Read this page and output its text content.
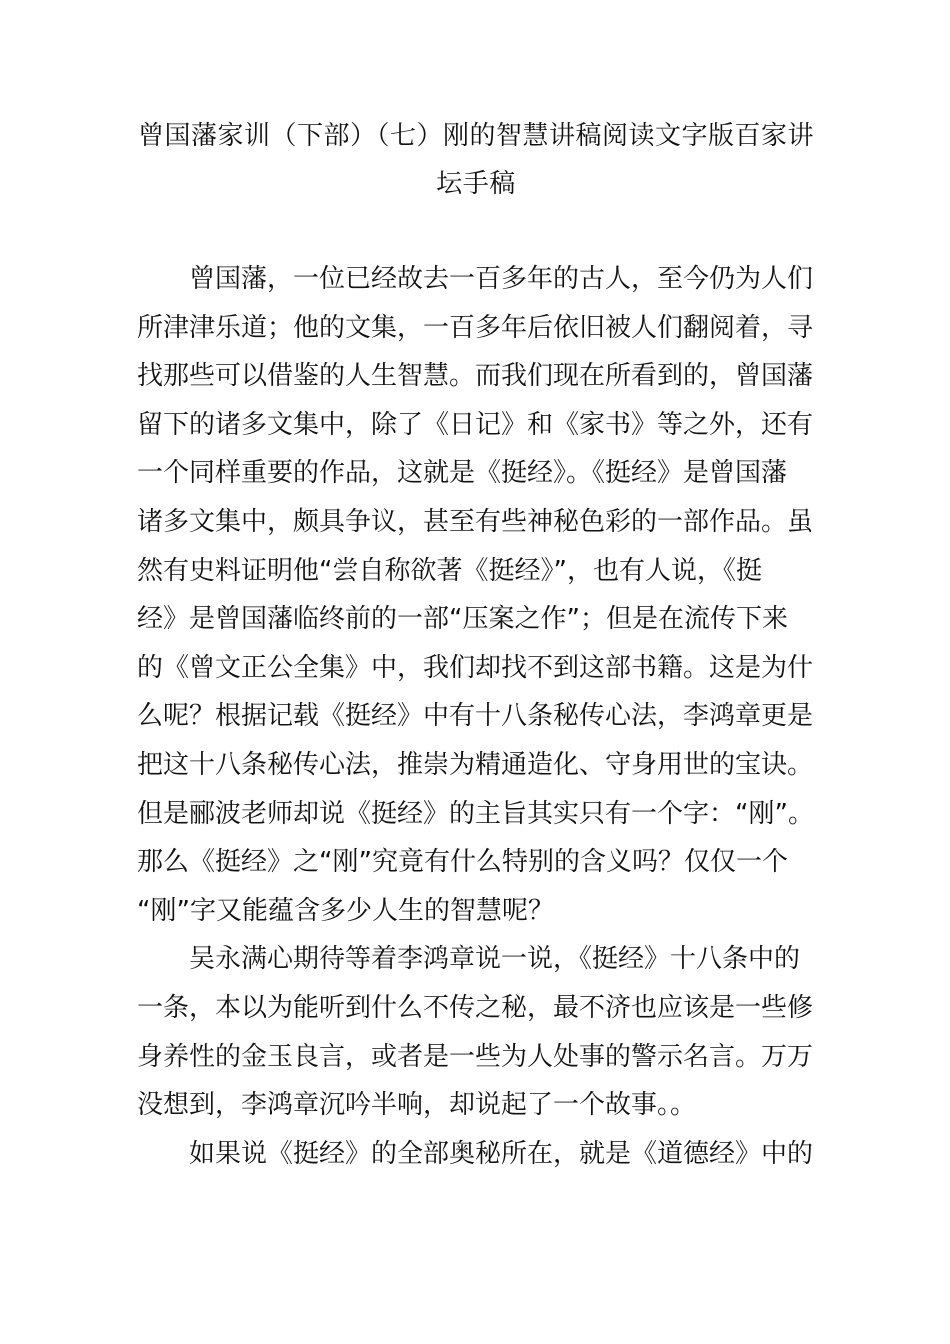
曾国藩家训（下部）（七）刚的智慧讲稿阅读文字版百家讲
坛手稿
曾国藩，一位已经故去一百多年的古人，至今仍为人们
所津津乐道；他的文集，一百多年后依旧被人们翻阅着，寻
找那些可以借鉴的人生智慧。而我们现在所看到的，曾国藩
留下的诸多文集中，除了《日记》和《家书》等之外，还有
一个同样重要的作品，这就是《挺经》。《挺经》是曾国藩
诸多文集中，颇具争议，甚至有些神秘色彩的一部作品。虽
然有史料证明他“尝自称欲著《挺经》”，也有人说，《挺
经》是曾国藩临终前的一部“压案之作”；但是在流传下来
的《曾文正公全集》中，我们却找不到这部书籍。这是为什
么呢？根据记载《挺经》中有十八条秘传心法，李鸿章更是
把这十八条秘传心法，推崇为精通造化、守身用世的宝诀。
但是郦波老师却说《挺经》的主旨其实只有一个字：“刚”。
那么《挺经》之“刚”究竟有什么特别的含义吗？仅仅一个
“刚”字又能蕴含多少人生的智慧呢？
吴永满心期待等着李鸿章说一说，《挺经》十八条中的
一条，本以为能听到什么不传之秘，最不济也应该是一些修
身养性的金玉良言，或者是一些为人处事的警示名言。万万
没想到，李鸿章沉吟半响，却说起了一个故事。。
如果说《挺经》的全部奥秘所在，就是《道德经》中的
